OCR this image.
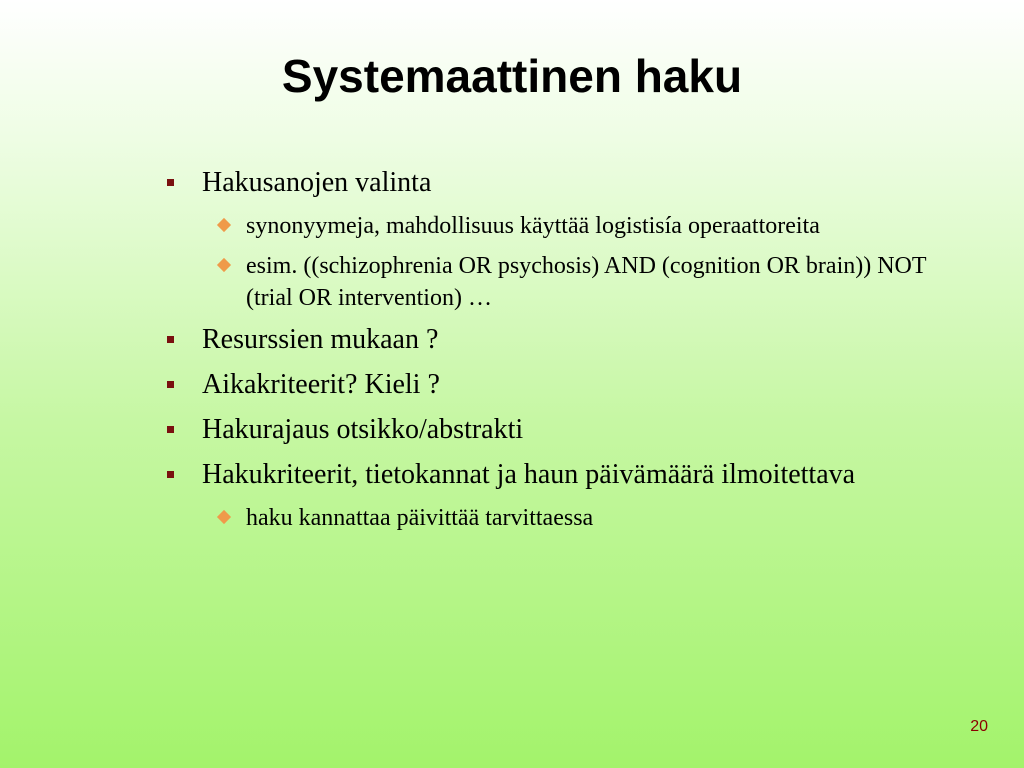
Systemaattinen haku
Hakusanojen valinta
synonyymeja, mahdollisuus käyttää logistisía operaattoreita
esim. ((schizophrenia OR psychosis) AND (cognition OR brain)) NOT (trial OR intervention) …
Resurssien mukaan ?
Aikakriteerit? Kieli ?
Hakurajaus otsikko/abstrakti
Hakukriteerit, tietokannat ja haun päivämäärä ilmoitettava
haku kannattaa päivittää tarvittaessa
20
